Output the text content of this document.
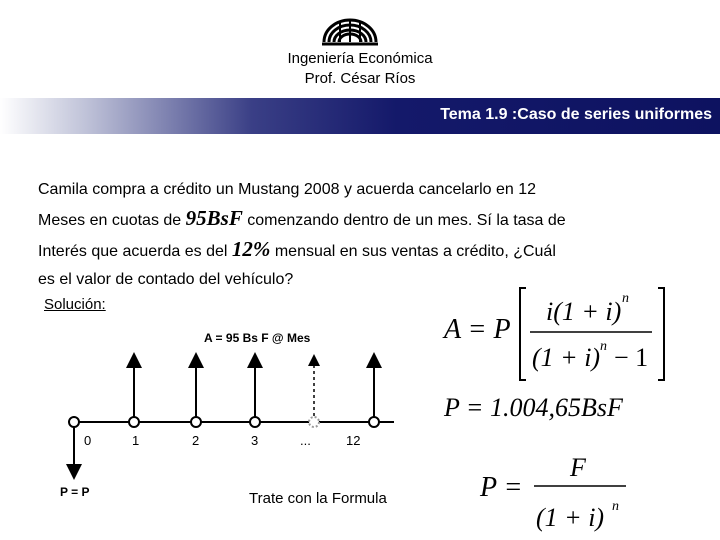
Ingeniería Económica
Prof. César Ríos
Tema 1.9 :Caso de series uniformes
Camila compra a crédito un Mustang 2008 y acuerda cancelarlo en 12
Meses en cuotas de 95BsF comenzando dentro de un mes. Sí la tasa de
Interés que acuerda es del 12% mensual en sus ventas a crédito, ¿Cuál
es el valor de contado del vehículo?
Solución:
A = 95 Bs F @ Mes
0	1	2	3	...	12
P = P	Trate con la Formula
A = P
i(1 + i) n
(1 + i) n − 1
P = 1.004,65BsF
P =
F
(1 + i) n
